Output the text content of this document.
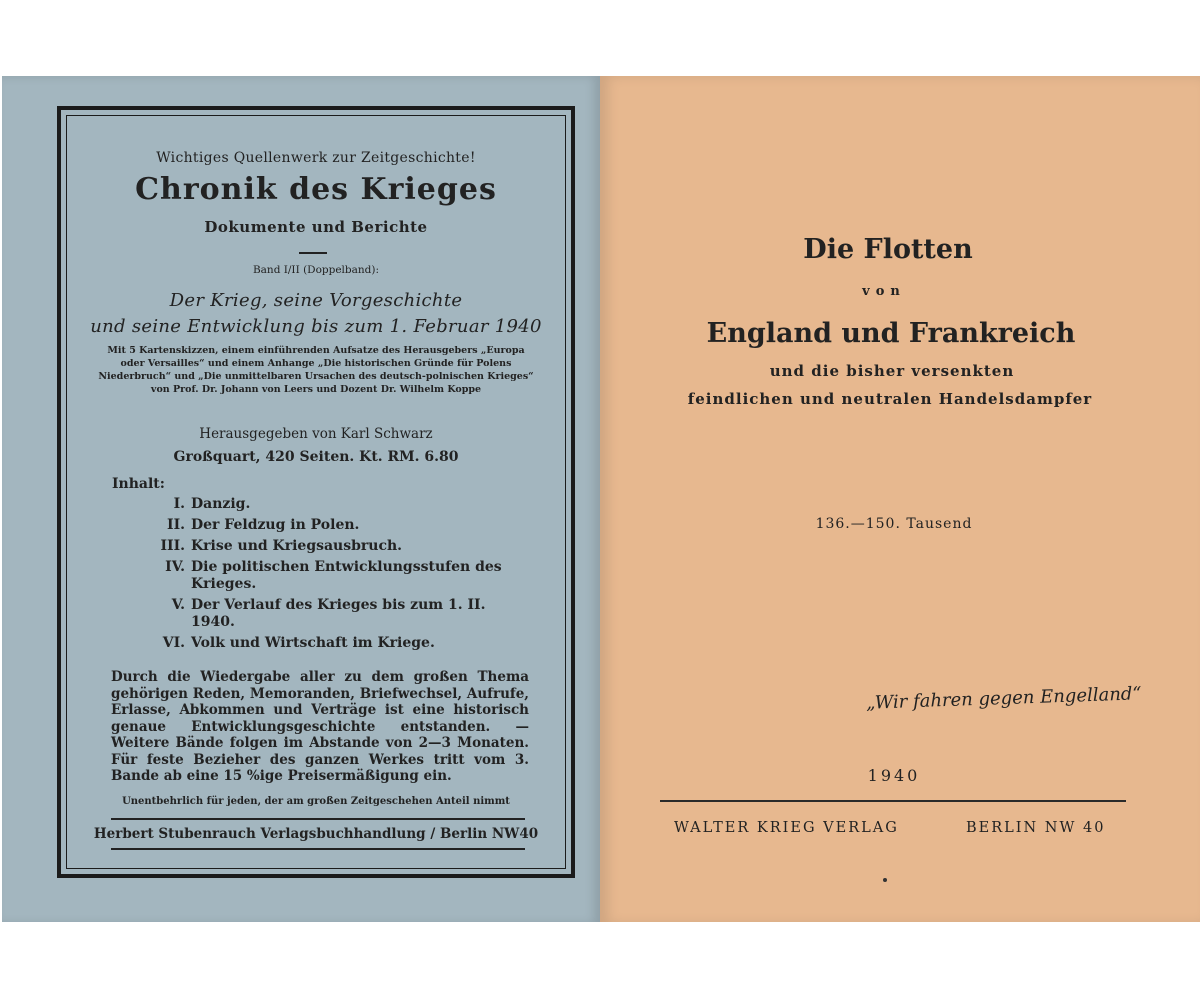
Wichtiges Quellenwerk zur Zeitgeschichte!

Chronik des Krieges

Dokumente und Berichte

Band I/II (Doppelband):

Der Krieg, seine Vorgeschichte

und seine Entwicklung bis zum 1. Februar 1940

Mit 5 Kartenskizzen, einem einführenden Aufsatze des Herausgebers „Europa oder Versailles“ und einem Anhange „Die historischen Gründe für Polens Niederbruch“ und „Die unmittelbaren Ursachen des deutsch-polnischen Krieges“ von Prof. Dr. Johann von Leers und Dozent Dr. Wilhelm Koppe

Herausgegeben von Karl Schwarz

Großquart, 420 Seiten. Kt. RM. 6.80

Inhalt:

I. Danzig.
II. Der Feldzug in Polen.
III. Krise und Kriegsausbruch.
IV. Die politischen Entwicklungsstufen des Krieges.
V. Der Verlauf des Krieges bis zum 1. II. 1940.
VI. Volk und Wirtschaft im Kriege.

Durch die Wiedergabe aller zu dem großen Thema gehörigen Reden, Memoranden, Briefwechsel, Aufrufe, Erlasse, Abkommen und Verträge ist eine historisch genaue Entwicklungsgeschichte entstanden. — Weitere Bände folgen im Abstande von 2—3 Monaten. Für feste Bezieher des ganzen Werkes tritt vom 3. Bande ab eine 15 %ige Preisermäßigung ein.

Unentbehrlich für jeden, der am großen Zeitgeschehen Anteil nimmt

Herbert Stubenrauch Verlagsbuchhandlung / Berlin NW40

Die Flotten

von

England und Frankreich

und die bisher versenkten

feindlichen und neutralen Handelsdampfer

136.—150. Tausend

„Wir fahren gegen Engelland“

1940

WALTER KRIEG VERLAG	BERLIN NW 40
